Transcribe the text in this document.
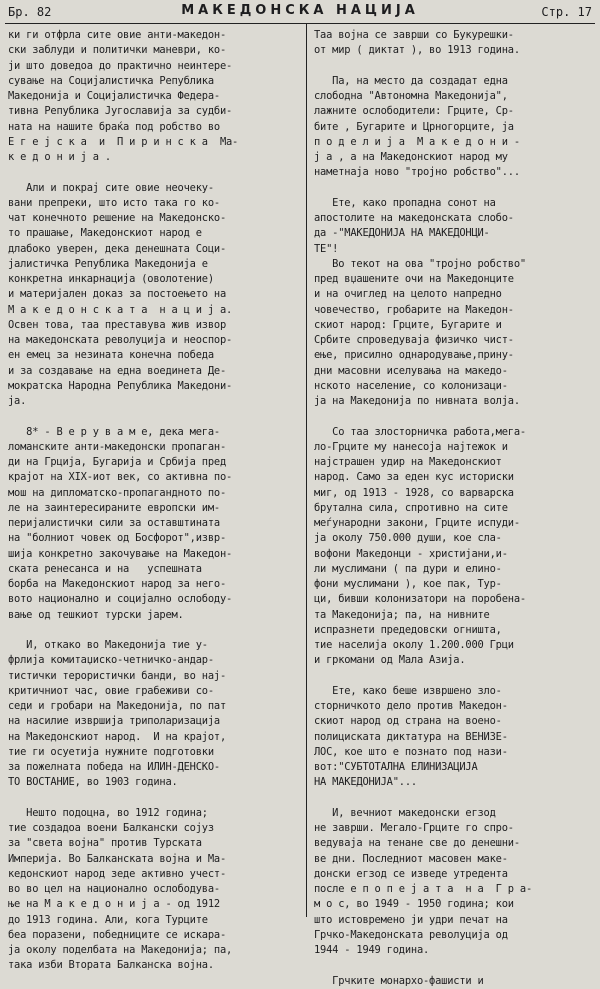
Бр. 82	МАКЕДОНСКА НАЦИЈА	Стр. 17
ки ги отфрла сите овие анти-македон-
ски заблуди и политички маневри, ко-
ји што доведоа до практично неинтере-
сување на Социјалистичка Република
Македонија и Социјалистичка Федера-
тивна Република Југославија за судби-
ната на нашите браќа под робство во
Е г е ј с к а  и  П и р и н с к а  Ма-
к е д о н и ј а .

Али и покрај сите овие неочеку-
вани препреки, што исто така го ко-
чат конечното решение на Македонско-
то прашање, Македонскиот народ е
длабоко уверен, дека денешната Соци-
јалистичка Република Македонија е
конкретна инкарнација (оволотение)
и материјален доказ за постоењето на
М а к е д о н с к а т а  н а ц и ј а.
Освен това, таа преставува жив извор
на македонската револуција и неоспор-
ен емец за незината конечна победа
и за создавање на една воединета Де-
мократска Народна Република Македони-
ја.

8* - В е р у в а м е, дека мегa-
ломанските анти-македонски пропаган-
ди на Грција, Бугарија и Србија пред
крајот на XIX-иот век, со активна по-
мош на дипломатско-пропагандното по-
ле на заинтересираните европски им-
перијалистички сили за оставштината
на "болниот човек од Босфорот",извр-
шија конкретно закочување на Македон-
ската ренесанса и на   успешната
борба на Македонскиот народ за него-
вото национално и социјално ослободу-
вање од тешкиот турски јарем.

И, откако во Македонија тие у-
фрлија комитаџиско-четничко-андар-
тистички терористички банди, во нај-
критичниот час, овие грабеживи со-
седи и гробари на Македонија, по пат
на насилие извршија триполаризација
на Македонскиот народ.  И на крајот,
тие ги осуетија нужните подготовки
за пожелната победа на ИЛИН-ДЕНСКО-
ТО ВОСТАНИЕ, во 1903 година.

Нешто подоцна, во 1912 година;
тие создадоа воени Балкански сојуз
за "света војна" против Турската
Империја. Во Балканската војна и Ма-
кедонскиот народ зеде активно учест-
во во цел на национално ослободува-
ње на М а к е д о н и ј а - од 1912
до 1913 година. Али, кога Турците
беа поразени, победниците се искара-
ја околу поделбата на Македонија; па,
така изби Втората Балканска војна.
Таа војна се заврши со Букурешки-
от мир ( диктат ), во 1913 година.

Па, на место да создадат една
слободна "Автономна Македонија",
лажните ослободители: Грците, Ср-
бите , Бугарите и Црногорците, ја
п о д е л и ј а  М а к е д о н и -
ј а , а на Македонскиот народ му
наметнаја ново "тројно робство"...

Ете, како пропадна сонот на
апостолите на македонската слобо-
да -"МАКЕДОНИЈА НА МАКЕДОНЦИ-
ТЕ"!
Во текот на ова "тројно робство"
пред вџашените очи на Македонците
и на очиглед на целото напредно
човечество, гробарите на Македон-
скиот народ: Грците, Бугарите и
Србите спроведуваја физичко чист-
ење, присилно однародување,прину-
дни масовни иселувања на македо-
нското население, со колонизаци-
ја на Македонија по нивната волја.

Со таа злосторничка работа,мега-
ло-Грците му нанесоја најтежок и
најстрашен удир на Македонскиот
народ. Само за еден кус историски
миг, од 1913 - 1928, со варварска
брутална сила, спротивно на сите
меѓународни закони, Грците испуди-
ја околу 750.000 души, кое сла-
вофони Македонци - христијани,и-
ли муслимани ( па дури и елино-
фони муслимани ), кое пак, Тур-
ци, бивши колонизатори на поробена-
та Македонија; па, на нивните
испразнети предедовски огништа,
тие населија околу 1.200.000 Грци
и гркомани од Мала Азија.

Ете, како беше извршено зло-
сторничкото дело против Македон-
скиот народ од страна на воено-
полициската диктатура на ВЕНИЗЕ-
ЛОС, кое што е познато под нази-
вот:"СУБТОТАЛНА ЕЛИНИЗАЦИЈА
НА МАКЕДОНИЈА"...

И, вечниот македонски егзод
не заврши. Мегало-Грците го спро-
ведуваја на тенане све до денешни-
ве дни. Последниот масовен маке-
донски егзод се изведе утредента
после е п о п е ј а т а  н а  Г р а-
м о с, во 1949 - 1950 година; кои
што истовремено ји удри печат на
Грчко-Македонската револуција од
1944 - 1949 година.

Грчките монархо-фашисти и
